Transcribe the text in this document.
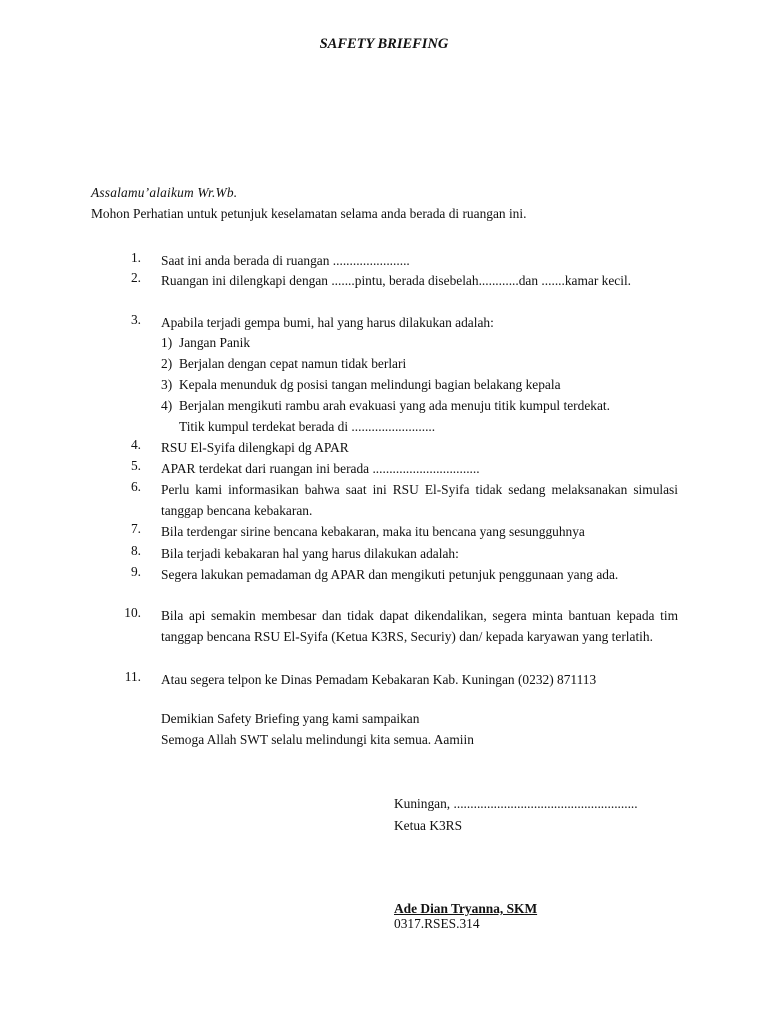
SAFETY BRIEFING
Assalamu’alaikum Wr.Wb.
Mohon Perhatian untuk petunjuk keselamatan selama anda berada di ruangan ini.
1. Saat ini anda berada di ruangan .......................
2. Ruangan ini dilengkapi dengan .......pintu, berada disebelah............dan .......kamar kecil.
3. Apabila terjadi gempa bumi, hal yang harus dilakukan adalah:
1) Jangan Panik
2) Berjalan dengan cepat namun tidak berlari
3) Kepala menunduk dg posisi tangan melindungi bagian belakang kepala
4) Berjalan mengikuti rambu arah evakuasi yang ada menuju titik kumpul terdekat.
Titik kumpul terdekat berada di .........................
4. RSU El-Syifa dilengkapi dg APAR
5. APAR terdekat dari ruangan ini berada ................................
6. Perlu kami informasikan bahwa saat ini RSU El-Syifa tidak sedang melaksanakan simulasi tanggap bencana kebakaran.
7. Bila terdengar sirine bencana kebakaran, maka itu bencana yang sesungguhnya
8. Bila terjadi kebakaran hal yang harus dilakukan adalah:
9. Segera lakukan pemadaman dg APAR dan mengikuti petunjuk penggunaan yang ada.
10. Bila api semakin membesar dan tidak dapat dikendalikan, segera minta bantuan kepada tim tanggap bencana RSU El-Syifa (Ketua K3RS, Securiy) dan/ kepada karyawan yang terlatih.
11. Atau segera telpon ke Dinas Pemadam Kebakaran Kab. Kuningan (0232) 871113
Demikian Safety Briefing yang kami sampaikan
Semoga Allah SWT selalu melindungi kita semua. Aamiin
Kuningan, .......................................................
Ketua K3RS
Ade Dian Tryanna, SKM
0317.RSES.314
